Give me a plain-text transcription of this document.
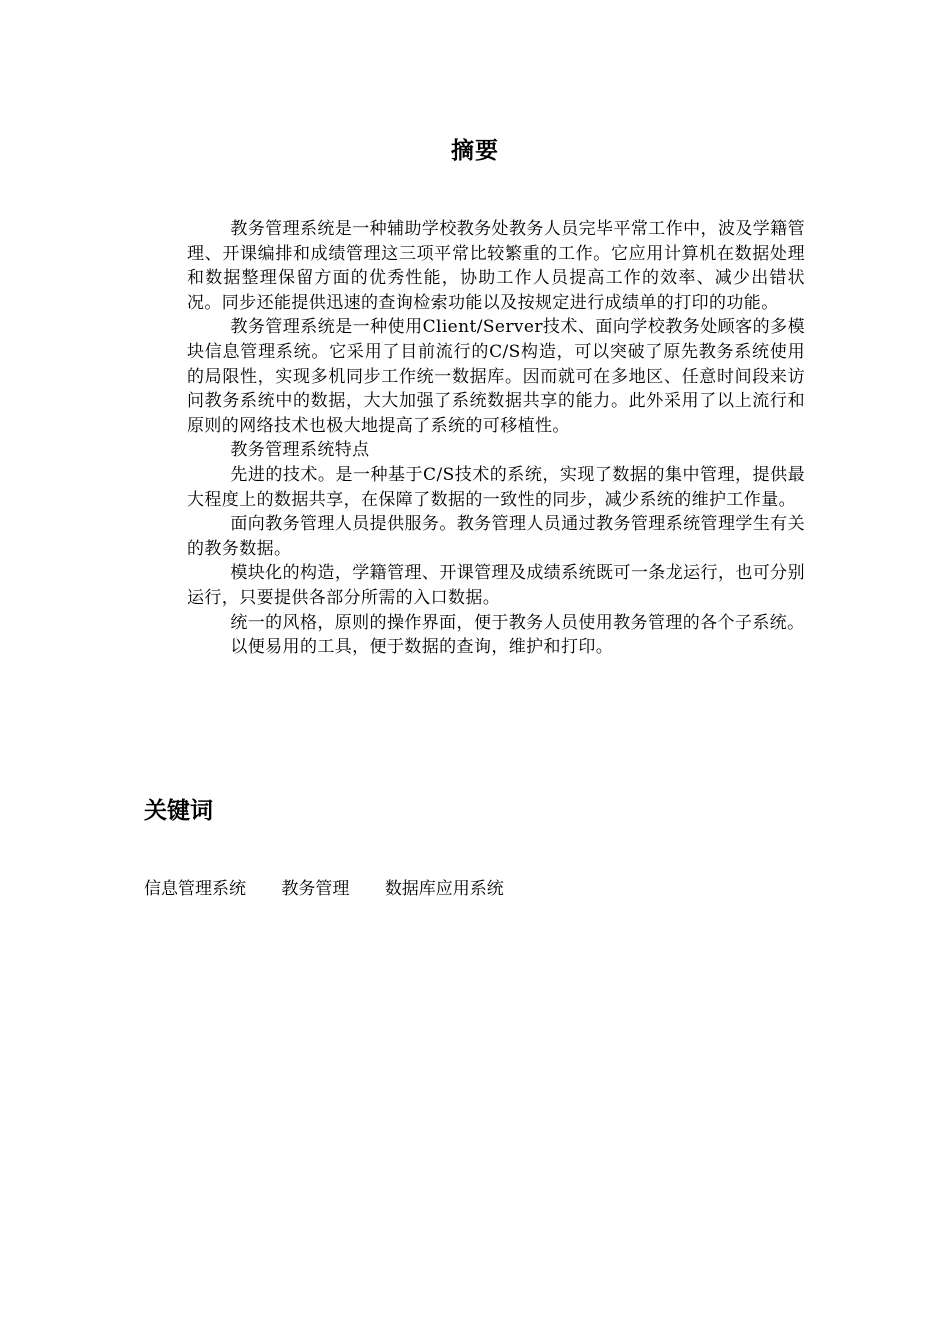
摘要

教务管理系统是一种辅助学校教务处教务人员完毕平常工作中，波及学籍管理、开课编排和成绩管理这三项平常比较繁重的工作。它应用计算机在数据处理和数据整理保留方面的优秀性能，协助工作人员提高工作的效率、减少出错状况。同步还能提供迅速的查询检索功能以及按规定进行成绩单的打印的功能。

教务管理系统是一种使用Client/Server技术、面向学校教务处顾客的多模块信息管理系统。它采用了目前流行的C/S构造，可以突破了原先教务系统使用的局限性，实现多机同步工作统一数据库。因而就可在多地区、任意时间段来访问教务系统中的数据，大大加强了系统数据共享的能力。此外采用了以上流行和原则的网络技术也极大地提高了系统的可移植性。

教务管理系统特点

先进的技术。是一种基于C/S技术的系统，实现了数据的集中管理，提供最大程度上的数据共享，在保障了数据的一致性的同步，减少系统的维护工作量。

面向教务管理人员提供服务。教务管理人员通过教务管理系统管理学生有关的教务数据。

模块化的构造，学籍管理、开课管理及成绩系统既可一条龙运行，也可分别运行，只要提供各部分所需的入口数据。

统一的风格，原则的操作界面，便于教务人员使用教务管理的各个子系统。

以便易用的工具，便于数据的查询，维护和打印。

关键词
信息管理系统 教务管理 数据库应用系统
